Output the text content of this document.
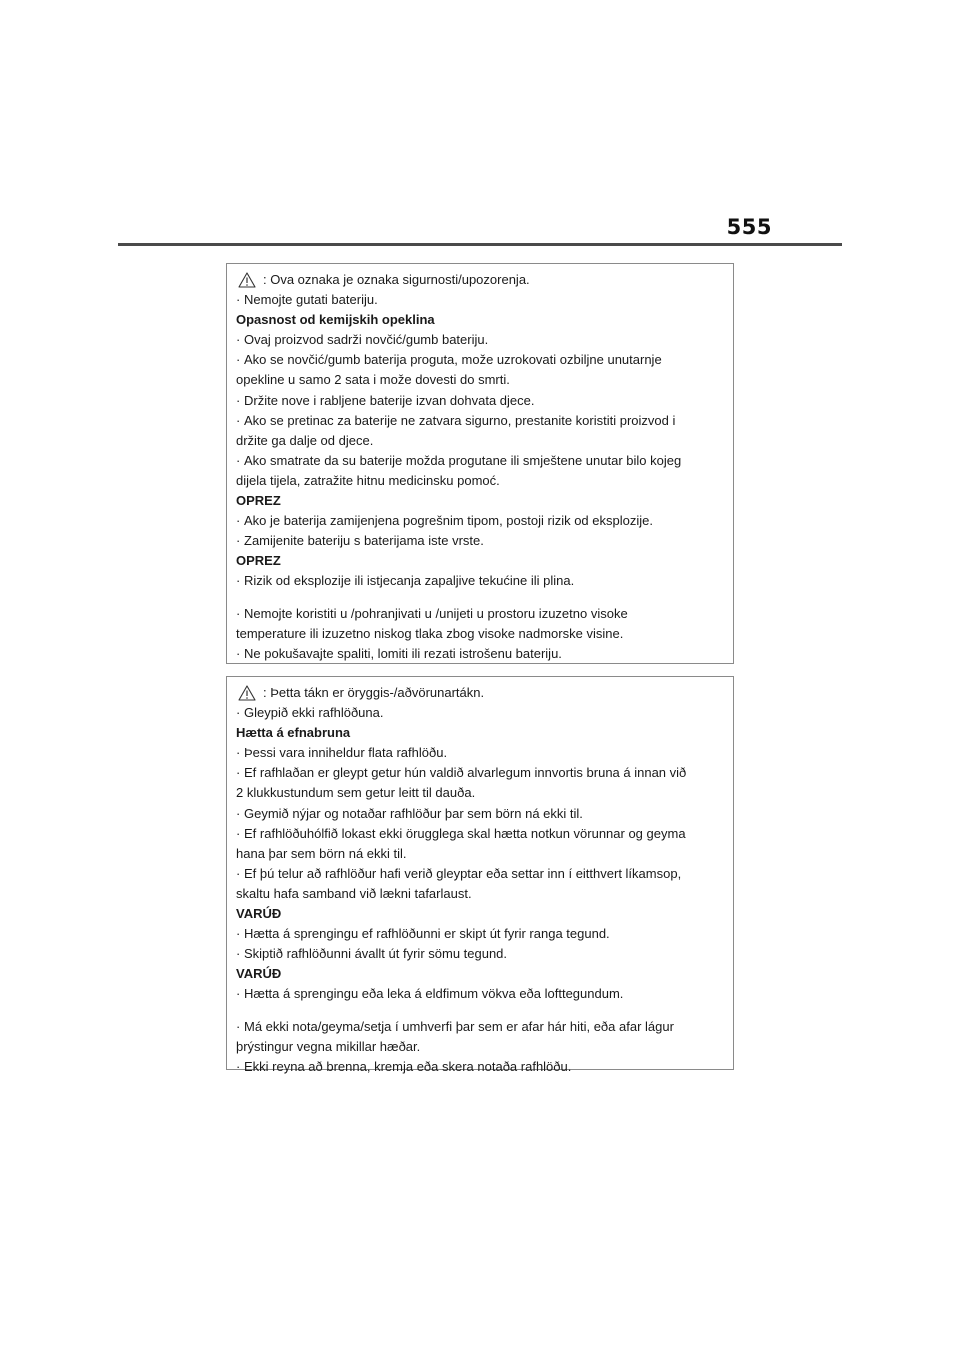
555
: Ova oznaka je oznaka sigurnosti/upozorenja.
· Nemojte gutati bateriju.
Opasnost od kemijskih opeklina
· Ovaj proizvod sadrži novčić/gumb bateriju.
· Ako se novčić/gumb baterija proguta, može uzrokovati ozbiljne unutarnje
opekline u samo 2 sata i može dovesti do smrti.
· Držite nove i rabljene baterije izvan dohvata djece.
· Ako se pretinac za baterije ne zatvara sigurno, prestanite koristiti proizvod i
držite ga dalje od djece.
· Ako smatrate da su baterije možda progutane ili smještene unutar bilo kojeg
dijela tijela, zatražite hitnu medicinsku pomoć.
OPREZ
· Ako je baterija zamijenjena pogrešnim tipom, postoji rizik od eksplozije.
· Zamijenite bateriju s baterijama iste vrste.
OPREZ
· Rizik od eksplozije ili istjecanja zapaljive tekućine ili plina.
· Nemojte koristiti u /pohranjivati u /unijeti u prostoru izuzetno visoke
temperature ili izuzetno niskog tlaka zbog visoke nadmorske visine.
· Ne pokušavajte spaliti, lomiti ili rezati istrošenu bateriju.
: Þetta tákn er öryggis-/aðvörunartákn.
· Gleypið ekki rafhlöðuna.
Hætta á efnabruna
· Þessi vara inniheldur flata rafhlöðu.
· Ef rafhlaðan er gleypt getur hún valdið alvarlegum innvortis bruna á innan við
2 klukkustundum sem getur leitt til dauða.
· Geymið nýjar og notaðar rafhlöður þar sem börn ná ekki til.
· Ef rafhlöðuhólfið lokast ekki örugglega skal hætta notkun vörunnar og geyma
hana þar sem börn ná ekki til.
· Ef þú telur að rafhlöður hafi verið gleyptar eða settar inn í eitthvert líkamsop,
skaltu hafa samband við lækni tafarlaust.
VARÚÐ
· Hætta á sprengingu ef rafhlöðunni er skipt út fyrir ranga tegund.
· Skiptið rafhlöðunni ávallt út fyrir sömu tegund.
VARÚÐ
· Hætta á sprengingu eða leka á eldfimum vökva eða lofttegundum.
· Má ekki nota/geyma/setja í umhverfi þar sem er afar hár hiti, eða afar lágur
þrýstingur vegna mikillar hæðar.
· Ekki reyna að brenna, kremja eða skera notaða rafhlöðu.
